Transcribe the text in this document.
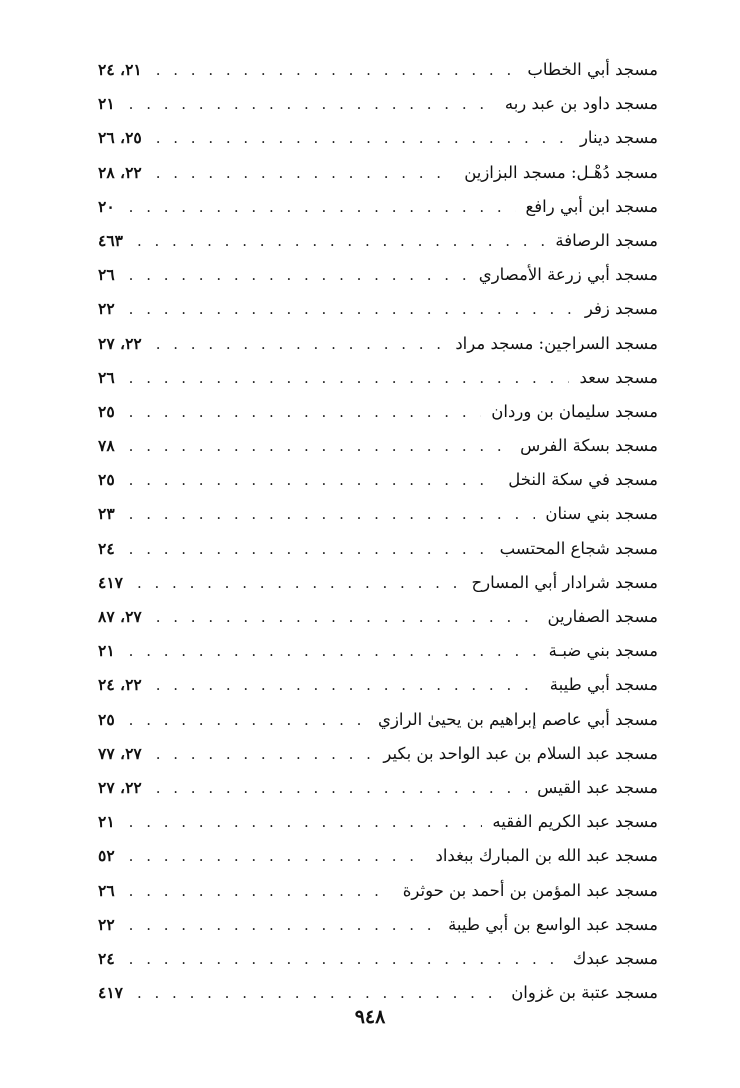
مسجد أبي الخطاب
. . .
٢١، ٢٤
مسجد داود بن عبد ربه
. . .
٢١
مسجد دينار
. . .
٢٥، ٢٦
مسجد دُهْـل: مسجد البزازين
. . .
٢٢، ٢٨
مسجد ابن أبي رافع
. . .
٢٠
مسجد الرصافة
. . .
٤٦٣
مسجد أبي زرعة الأمصاري
. . .
٢٦
مسجد زفر
. . .
٢٢
مسجد السراجين: مسجد مراد
. . .
٢٢، ٢٧
مسجد سعد
. . .
٢٦
مسجد سليمان بن وردان
. . .
٢٥
مسجد بسكة الفرس
. . .
٧٨
مسجد في سكة النخل
. . .
٢٥
مسجد بني سنان
. . .
٢٣
مسجد شجاع المحتسب
. . .
٢٤
مسجد شرادار أبي المسارح
. . .
٤١٧
مسجد الصفارين
. . .
٢٧، ٨٧
مسجد بني ضبـة
. . .
٢١
مسجد أبي طيبة
. . .
٢٢، ٢٤
مسجد أبي عاصم إبراهيم بن يحيىٰ الرازي
. . .
٢٥
مسجد عبد السلام بن عبد الواحد بن بكير
. . .
٢٧، ٧٧
مسجد عبد القيس
. . .
٢٢، ٢٧
مسجد عبد الكريم الفقيه
. . .
٢١
مسجد عبد الله بن المبارك ببغداد
. . .
٥٢
مسجد عبد المؤمن بن أحمد بن حوثرة
. . .
٢٦
مسجد عبد الواسع بن أبي طيبة
. . .
٢٢
مسجد عبدك
. . .
٢٤
مسجد عتبة بن غزوان
. . .
٤١٧
٩٤٨
